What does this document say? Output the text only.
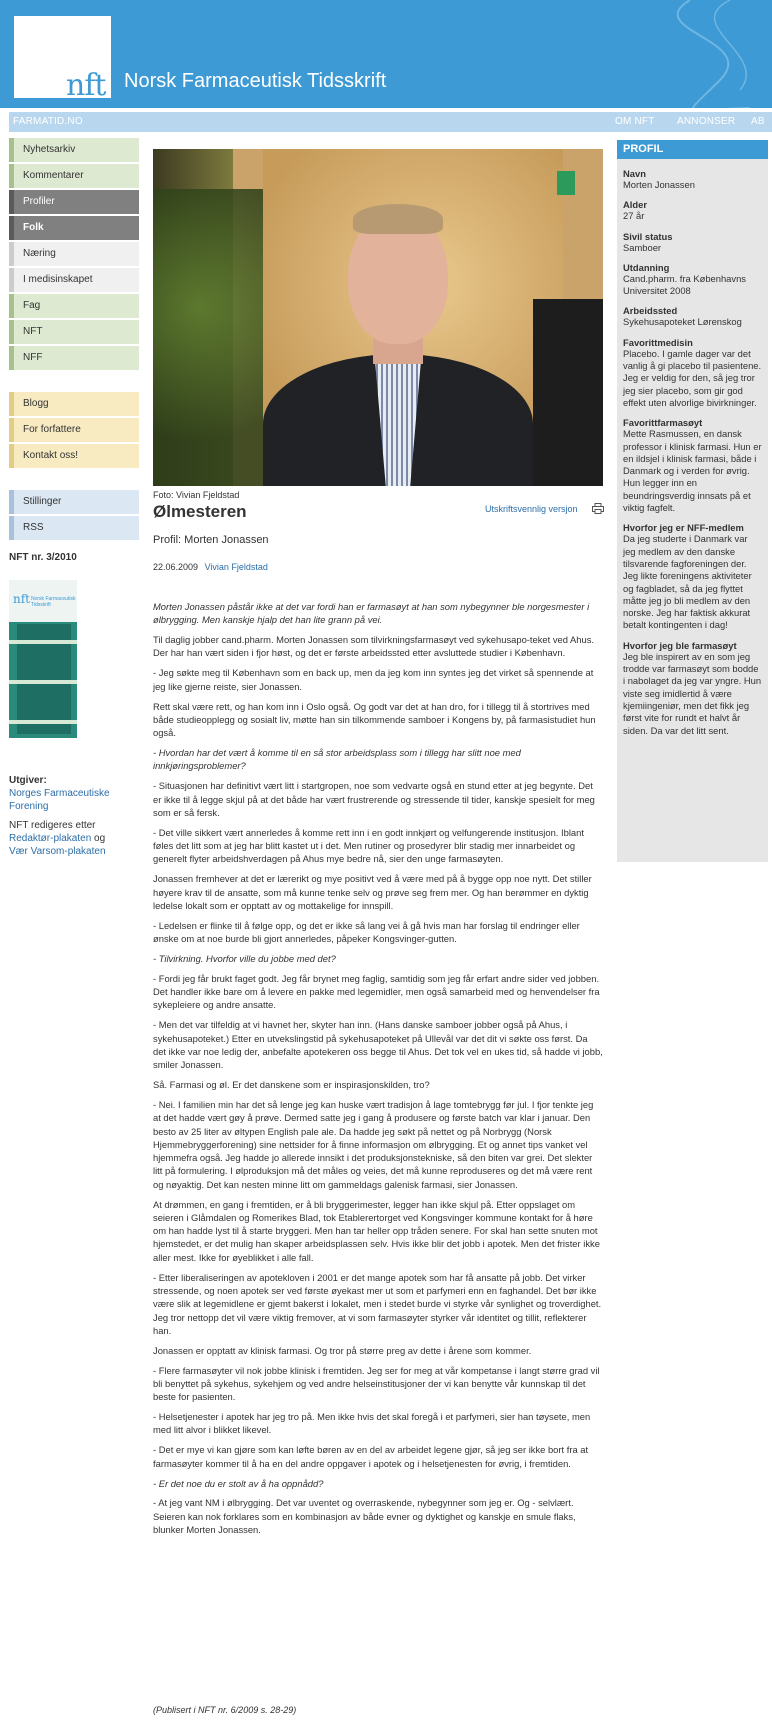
nft Norsk Farmaceutisk Tidsskrift
FARMATID.NO	OM NFT ANNONSER AB
Nyhetsarkiv
Kommentarer
Profiler
Folk
Næring
I medisinskapet
Fag
NFT
NFF
Blogg
For forfattere
Kontakt oss!
Stillinger
RSS
NFT nr. 3/2010
nft Norsk Farmaceutisk Tidsskrift
Utgiver:
Norges Farmaceutiske Forening

NFT redigeres etter
Redaktør-plakaten og
Vær Varsom-plakaten
Foto: Vivian Fjeldstad
Ølmesteren	Utskriftsvennlig versjon
Profil: Morten Jonassen
22.06.2009 Vivian Fjeldstad

Morten Jonassen påstår ikke at det var fordi han er farmasøyt at han som nybegynner ble norgesmester i ølbrygging. Men kanskje hjalp det han lite grann på vei.

Til daglig jobber cand.pharm. Morten Jonassen som tilvirkningsfarmasøyt ved sykehusapo-teket ved Ahus. Der har han vært siden i fjor høst, og det er første arbeidssted etter avsluttede studier i København.

- Jeg søkte meg til København som en back up, men da jeg kom inn syntes jeg det virket så spennende at jeg like gjerne reiste, sier Jonassen.

Rett skal være rett, og han kom inn i Oslo også. Og godt var det at han dro, for i tillegg til å stortrives med både studieopplegg og sosialt liv, møtte han sin tilkommende samboer i Kongens by, på farmasistudiet hun også.

- Hvordan har det vært å komme til en så stor arbeidsplass som i tillegg har slitt noe med innkjøringsproblemer?

- Situasjonen har definitivt vært litt i startgropen, noe som vedvarte også en stund etter at jeg begynte. Det er ikke til å legge skjul på at det både har vært frustrerende og stressende til tider, kanskje spesielt for meg som er så fersk.

- Det ville sikkert vært annerledes å komme rett inn i en godt innkjørt og velfungerende institusjon. Iblant føles det litt som at jeg har blitt kastet ut i det. Men rutiner og prosedyrer blir stadig mer innarbeidet og generelt flyter arbeidshverdagen på Ahus mye bedre nå, sier den unge farmasøyten.

Jonassen fremhever at det er lærerikt og mye positivt ved å være med på å bygge opp noe nytt. Det stiller høyere krav til de ansatte, som må kunne tenke selv og prøve seg frem mer. Og han berømmer en dyktig ledelse lokalt som er opptatt av og mottakelige for innspill.

- Ledelsen er flinke til å følge opp, og det er ikke så lang vei å gå hvis man har forslag til endringer eller ønske om at noe burde bli gjort annerledes, påpeker Kongsvinger-gutten.

- Tilvirkning. Hvorfor ville du jobbe med det?

- Fordi jeg får brukt faget godt. Jeg får brynet meg faglig, samtidig som jeg får erfart andre sider ved jobben. Det handler ikke bare om å levere en pakke med legemidler, men også samarbeid med og henvendelser fra sykepleiere og andre ansatte.

- Men det var tilfeldig at vi havnet her, skyter han inn. (Hans danske samboer jobber også på Ahus, i sykehusapoteket.) Etter en utvekslingstid på sykehusapoteket på Ullevål var det dit vi søkte oss først. Da det ikke var noe ledig der, anbefalte apotekeren oss begge til Ahus. Det tok vel en ukes tid, så hadde vi jobb, smiler Jonassen.

Så. Farmasi og øl. Er det danskene som er inspirasjonskilden, tro?

- Nei. I familien min har det så lenge jeg kan huske vært tradisjon å lage tomtebrygg før jul. I fjor tenkte jeg at det hadde vært gøy å prøve. Dermed satte jeg i gang å produsere og første batch var klar i januar. Den besto av 25 liter av øltypen English pale ale. Da hadde jeg søkt på nettet og på Norbrygg (Norsk Hjemmebryggerforening) sine nettsider for å finne informasjon om ølbrygging. Et og annet tips vanket vel hjemmefra også. Jeg hadde jo allerede innsikt i det produksjonstekniske, så den biten var grei. Det slekter litt på formulering. I ølproduksjon må det måles og veies, det må kunne reproduseres og det må være rent og nøyaktig. Det kan nesten minne litt om gammeldags galenisk farmasi, sier Jonassen.

At drømmen, en gang i fremtiden, er å bli bryggerimester, legger han ikke skjul på. Etter oppslaget om seieren i Glåmdalen og Romerikes Blad, tok Etablerertorget ved Kongsvinger kommune kontakt for å høre om han hadde lyst til å starte bryggeri. Men han tar heller opp tråden senere. For skal han sette snuten mot hjemstedet, er det mulig han skaper arbeidsplassen selv. Hvis ikke blir det jobb i apotek. Men det frister ikke aller mest. Ikke for øyeblikket i alle fall.

- Etter liberaliseringen av apotekloven i 2001 er det mange apotek som har få ansatte på jobb. Det virker stressende, og noen apotek ser ved første øyekast mer ut som et parfymeri enn en faghandel. Det bør ikke være slik at legemidlene er gjemt bakerst i lokalet, men i stedet burde vi styrke vår synlighet og troverdighet. Jeg tror nettopp det vil være viktig fremover, at vi som farmasøyter styrker vår identitet og tillit, reflekterer han.

Jonassen er opptatt av klinisk farmasi. Og tror på større preg av dette i årene som kommer.

- Flere farmasøyter vil nok jobbe klinisk i fremtiden. Jeg ser for meg at vår kompetanse i langt større grad vil bli benyttet på sykehus, sykehjem og ved andre helseinstitusjoner der vi kan benytte vår kunnskap til det beste for pasienten.

- Helsetjenester i apotek har jeg tro på. Men ikke hvis det skal foregå i et parfymeri, sier han tøysete, men med litt alvor i blikket likevel.

- Det er mye vi kan gjøre som kan løfte børen av en del av arbeidet legene gjør, så jeg ser ikke bort fra at farmasøyter kommer til å ha en del andre oppgaver i apotek og i helsetjenesten for øvrig, i fremtiden.

- Er det noe du er stolt av å ha oppnådd?

- At jeg vant NM i ølbrygging. Det var uventet og overraskende, nybegynner som jeg er. Og - selvlært. Seieren kan nok forklares som en kombinasjon av både evner og dyktighet og kanskje en smule flaks, blunker Morten Jonassen.

(Publisert i NFT nr. 6/2009 s. 28-29)
PROFIL
Navn
Morten Jonassen
Alder
27 år
Sivil status
Samboer
Utdanning
Cand.pharm. fra Københavns Universitet 2008
Arbeidssted
Sykehusapoteket Lørenskog
Favorittmedisin
Placebo. I gamle dager var det vanlig å gi placebo til pasientene. Jeg er veldig for den, så jeg tror jeg sier placebo, som gir god effekt uten alvorlige bivirkninger.
Favorittfarmasøyt
Mette Rasmussen, en dansk professor i klinisk farmasi. Hun er en ildsjel i klinisk farmasi, både i Danmark og i verden for øvrig. Hun legger inn en beundringsverdig innsats på et viktig fagfelt.
Hvorfor jeg er NFF-medlem
Da jeg studerte i Danmark var jeg medlem av den danske tilsvarende fagforeningen der. Jeg likte foreningens aktiviteter og fagbladet, så da jeg flyttet måtte jeg jo bli medlem av den norske. Jeg har faktisk akkurat betalt kontingenten i dag!
Hvorfor jeg ble farmasøyt
Jeg ble inspirert av en som jeg trodde var farmasøyt som bodde i nabolaget da jeg var yngre. Hun viste seg imidlertid å være kjemiingeniør, men det fikk jeg først vite for rundt et halvt år siden. Da var det litt sent.
